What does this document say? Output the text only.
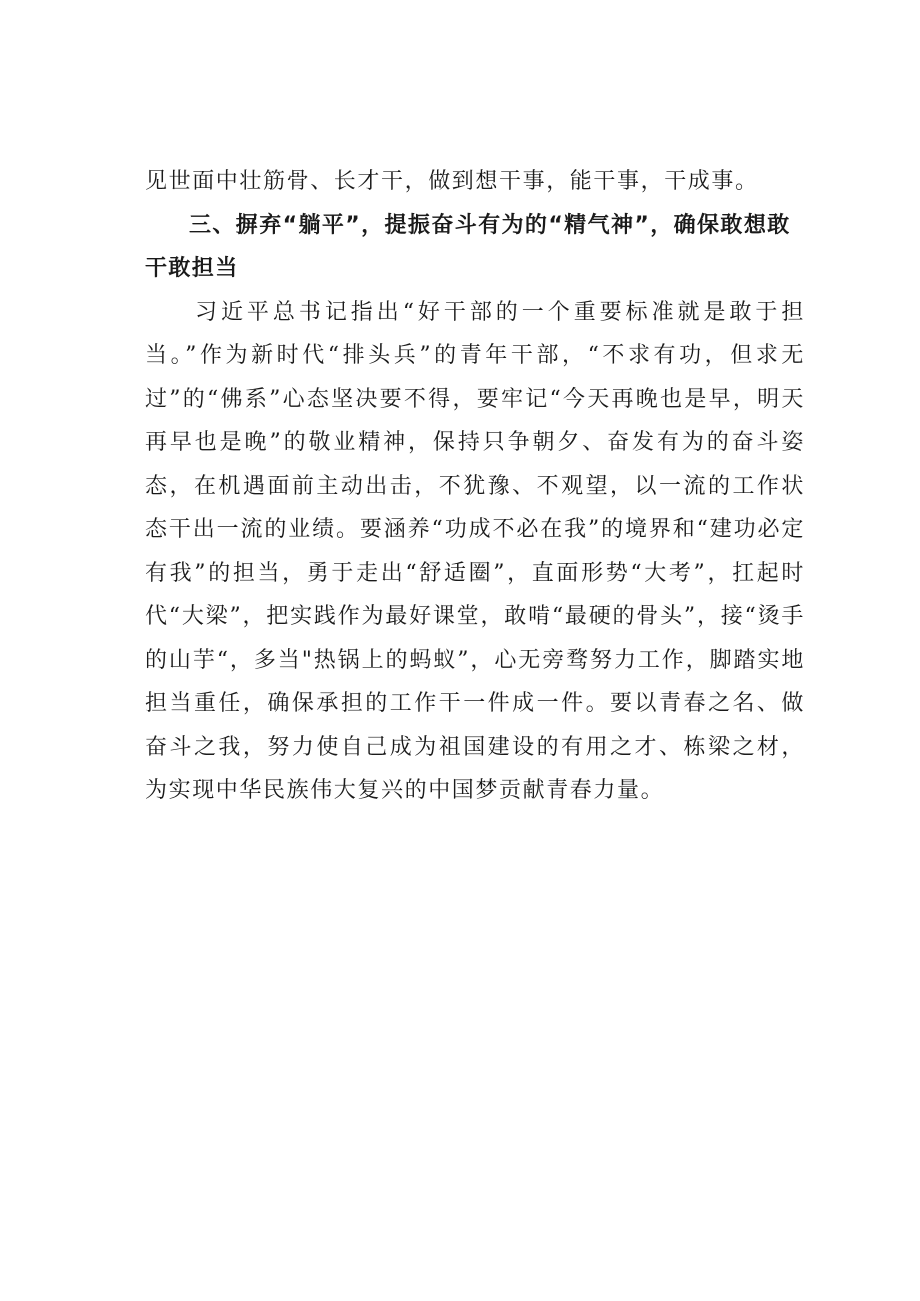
见世面中壮筋骨、长才干，做到想干事，能干事，干成事。

三、摒弃“躺平”，提振奋斗有为的“精气神”，确保敢想敢干敢担当

习近平总书记指出“好干部的一个重要标准就是敢于担当。”作为新时代“排头兵”的青年干部，“不求有功，但求无过”的“佛系”心态坚决要不得，要牢记“今天再晚也是早，明天再早也是晚”的敬业精神，保持只争朝夕、奋发有为的奋斗姿态，在机遇面前主动出击，不犹豫、不观望，以一流的工作状态干出一流的业绩。要涵养“功成不必在我”的境界和“建功必定有我”的担当，勇于走出“舒适圈”，直面形势“大考”，扛起时代“大梁”，把实践作为最好课堂，敢啃“最硬的骨头”，接“烫手的山芋“，多当"热锅上的蚂蚁”，心无旁骛努力工作，脚踏实地担当重任，确保承担的工作干一件成一件。要以青春之名、做奋斗之我，努力使自己成为祖国建设的有用之才、栋梁之材，为实现中华民族伟大复兴的中国梦贡献青春力量。
